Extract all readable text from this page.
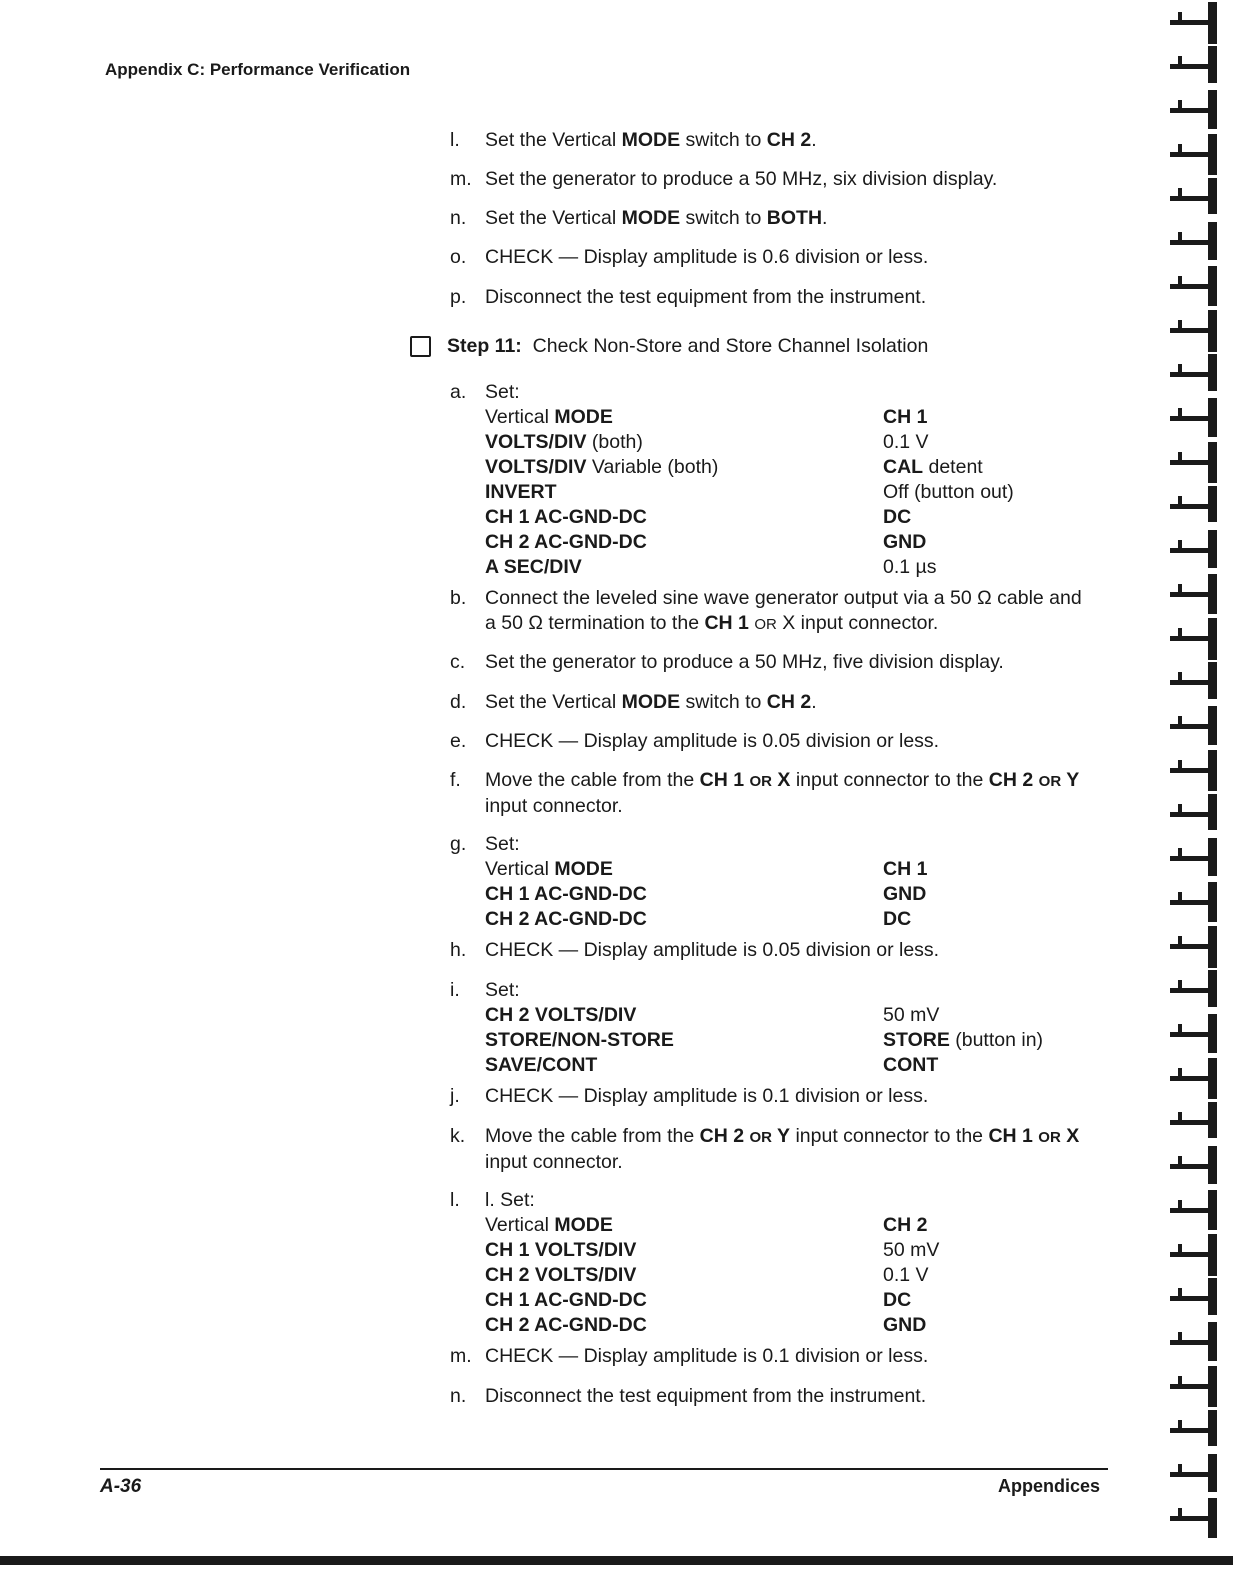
Appendix C: Performance Verification
l.	Set the Vertical MODE switch to CH 2.
m. Set the generator to produce a 50 MHz, six division display.
n. Set the Vertical MODE switch to BOTH.
o. CHECK — Display amplitude is 0.6 division or less.
p. Disconnect the test equipment from the instrument.
Step 11: Check Non-Store and Store Channel Isolation
a. Set:
Vertical MODE	CH 1
VOLTS/DIV (both)	0.1 V
VOLTS/DIV Variable (both)	CAL detent
INVERT	Off (button out)
CH 1 AC-GND-DC	DC
CH 2 AC-GND-DC	GND
A SEC/DIV	0.1 µs
b. Connect the leveled sine wave generator output via a 50 Ω cable and a 50 Ω termination to the CH 1 OR X input connector.
c.	Set the generator to produce a 50 MHz, five division display.
d. Set the Vertical MODE switch to CH 2.
e. CHECK — Display amplitude is 0.05 division or less.
f.	Move the cable from the CH 1 OR X input connector to the CH 2 OR Y input connector.
g. Set:
Vertical MODE	CH 1
CH 1 AC-GND-DC	GND
CH 2 AC-GND-DC	DC
h. CHECK — Display amplitude is 0.05 division or less.
i.	Set:
CH 2 VOLTS/DIV	50 mV
STORE/NON-STORE	STORE (button in)
SAVE/CONT	CONT
j.	CHECK — Display amplitude is 0.1 division or less.
k.	Move the cable from the CH 2 OR Y input connector to the CH 1 OR X input connector.
l.	l. Set:
Vertical MODE	CH 2
CH 1 VOLTS/DIV	50 mV
CH 2 VOLTS/DIV	0.1 V
CH 1 AC-GND-DC	DC
CH 2 AC-GND-DC	GND
m. CHECK — Display amplitude is 0.1 division or less.
n. Disconnect the test equipment from the instrument.
A-36	Appendices
